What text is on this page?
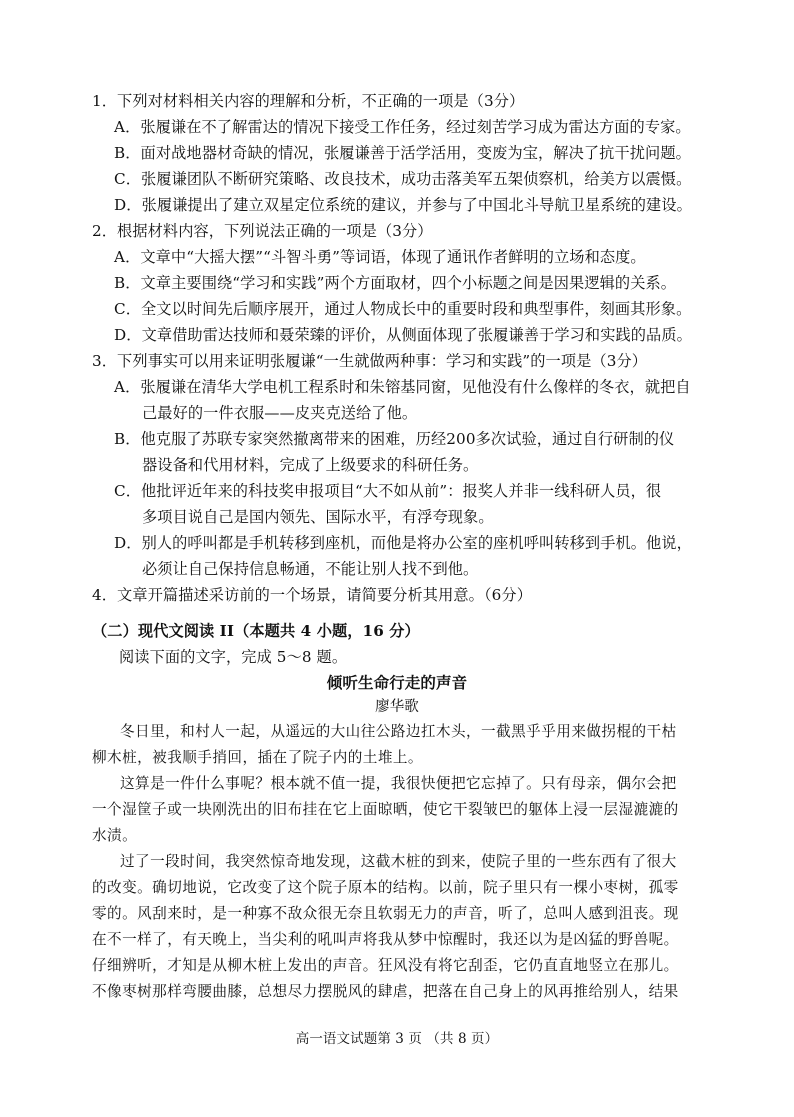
1．下列对材料相关内容的理解和分析，不正确的一项是（3分）
A．张履谦在不了解雷达的情况下接受工作任务，经过刻苦学习成为雷达方面的专家。
B．面对战地器材奇缺的情况，张履谦善于活学活用，变废为宝，解决了抗干扰问题。
C．张履谦团队不断研究策略、改良技术，成功击落美军五架侦察机，给美方以震慑。
D．张履谦提出了建立双星定位系统的建议，并参与了中国北斗导航卫星系统的建设。
2．根据材料内容，下列说法正确的一项是（3分）
A．文章中“大摇大摆”“斗智斗勇”等词语，体现了通讯作者鲜明的立场和态度。
B．文章主要围绕“学习和实践”两个方面取材，四个小标题之间是因果逻辑的关系。
C．全文以时间先后顺序展开，通过人物成长中的重要时段和典型事件，刻画其形象。
D．文章借助雷达技师和聂荣臻的评价，从侧面体现了张履谦善于学习和实践的品质。
3．下列事实可以用来证明张履谦“一生就做两种事：学习和实践”的一项是（3分）
A．张履谦在清华大学电机工程系时和朱镕基同窗，见他没有什么像样的冬衣，就把自
己最好的一件衣服——皮夹克送给了他。
B．他克服了苏联专家突然撤离带来的困难，历经200多次试验，通过自行研制的仪
器设备和代用材料，完成了上级要求的科研任务。
C．他批评近年来的科技奖申报项目“大不如从前”：报奖人并非一线科研人员，很
多项目说自己是国内领先、国际水平，有浮夸现象。
D．别人的呼叫都是手机转移到座机，而他是将办公室的座机呼叫转移到手机。他说，
必须让自己保持信息畅通，不能让别人找不到他。
4．文章开篇描述采访前的一个场景，请简要分析其用意。（6分）
（二）现代文阅读 II（本题共 4 小题，16 分）
阅读下面的文字，完成 5～8 题。
倾听生命行走的声音
廖华歌
冬日里，和村人一起，从遥远的大山往公路边扛木头，一截黑乎乎用来做拐棍的干枯
柳木桩，被我顺手捎回，插在了院子内的土堆上。
这算是一件什么事呢？根本就不值一提，我很快便把它忘掉了。只有母亲，偶尔会把
一个湿筐子或一块刚洗出的旧布挂在它上面晾晒，使它干裂皱巴的躯体上浸一层湿漉漉的
水渍。
过了一段时间，我突然惊奇地发现，这截木桩的到来，使院子里的一些东西有了很大
的改变。确切地说，它改变了这个院子原本的结构。以前，院子里只有一棵小枣树，孤零
零的。风刮来时，是一种寡不敌众很无奈且软弱无力的声音，听了，总叫人感到沮丧。现
在不一样了，有天晚上，当尖利的吼叫声将我从梦中惊醒时，我还以为是凶猛的野兽呢。
仔细辨听，才知是从柳木桩上发出的声音。狂风没有将它刮歪，它仍直直地竖立在那儿。
不像枣树那样弯腰曲膝，总想尽力摆脱风的肆虐，把落在自己身上的风再推给别人，结果
高一语文试题第 3 页 （共 8 页）
